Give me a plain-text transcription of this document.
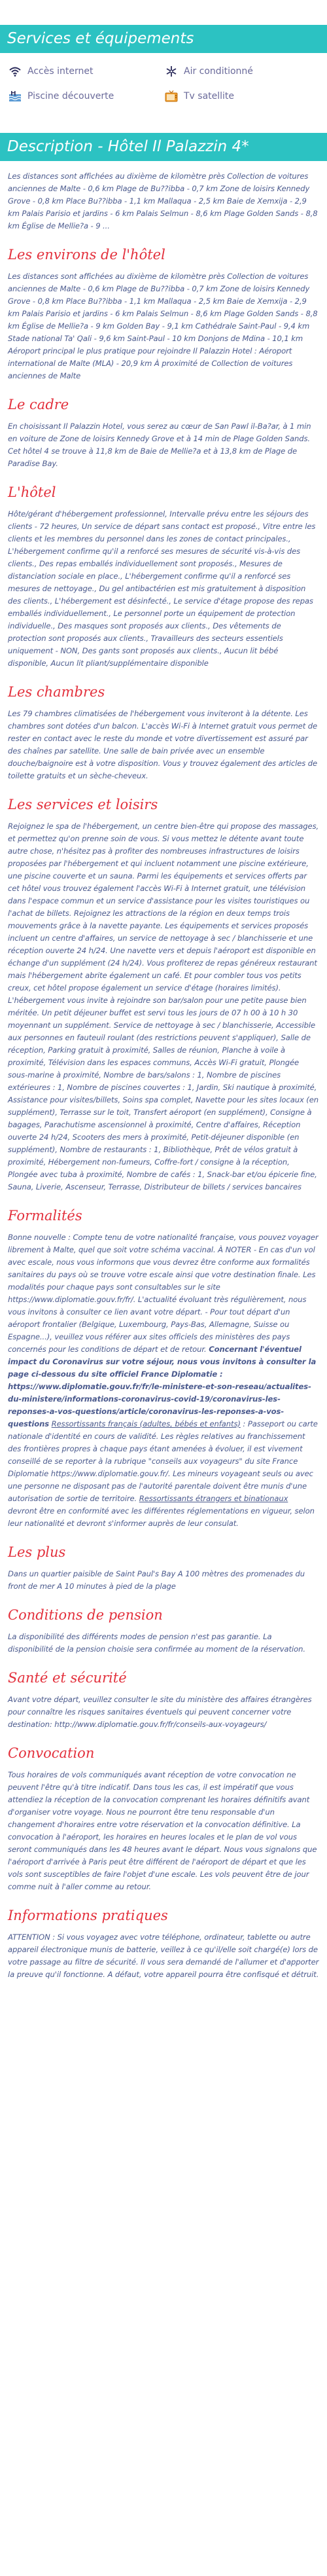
Services et équipements
Accès internet	Air conditionné
Piscine découverte	Tv satellite
Description - Hôtel Il Palazzin 4*

Les distances sont affichées au dixième de kilomètre près Collection de voitures anciennes de Malte - 0,6 km Plage de Bu??ibba - 0,7 km Zone de loisirs Kennedy Grove - 0,8 km Place Bu??ibba - 1,1 km Mallaqua - 2,5 km Baie de Xemxija - 2,9 km Palais Parisio et jardins - 6 km Palais Selmun - 8,6 km Plage Golden Sands - 8,8 km Église de Mellie?a - 9 ...

Les environs de l'hôtel

Les distances sont affichées au dixième de kilomètre près Collection de voitures anciennes de Malte - 0,6 km Plage de Bu??ibba - 0,7 km Zone de loisirs Kennedy Grove - 0,8 km Place Bu??ibba - 1,1 km Mallaqua - 2,5 km Baie de Xemxija - 2,9 km Palais Parisio et jardins - 6 km Palais Selmun - 8,6 km Plage Golden Sands - 8,8 km Église de Mellie?a - 9 km Golden Bay - 9,1 km Cathédrale Saint-Paul - 9,4 km Stade national Ta' Qali - 9,6 km Saint-Paul - 10 km Donjons de Mdina - 10,1 km Aéroport principal le plus pratique pour rejoindre Il Palazzin Hotel : Aéroport international de Malte (MLA) - 20,9 km À proximité de Collection de voitures anciennes de Malte

Le cadre

En choisissant Il Palazzin Hotel, vous serez au cœur de San Pawl il-Ba?ar, à 1 min en voiture de Zone de loisirs Kennedy Grove et à 14 min de Plage Golden Sands. Cet hôtel 4 se trouve à 11,8 km de Baie de Mellie?a et à 13,8 km de Plage de Paradise Bay.

L'hôtel

Hôte/gérant d'hébergement professionnel, Intervalle prévu entre les séjours des clients - 72 heures, Un service de départ sans contact est proposé., Vitre entre les clients et les membres du personnel dans les zones de contact principales., L'hébergement confirme qu'il a renforcé ses mesures de sécurité vis-à-vis des clients., Des repas emballés individuellement sont proposés., Mesures de distanciation sociale en place., L'hébergement confirme qu'il a renforcé ses mesures de nettoyage., Du gel antibactérien est mis gratuitement à disposition des clients., L'hébergement est désinfecté., Le service d'étage propose des repas emballés individuellement., Le personnel porte un équipement de protection individuelle., Des masques sont proposés aux clients., Des vêtements de protection sont proposés aux clients., Travailleurs des secteurs essentiels uniquement - NON, Des gants sont proposés aux clients., Aucun lit bébé disponible, Aucun lit pliant/supplémentaire disponible

Les chambres

Les 79 chambres climatisées de l'hébergement vous inviteront à la détente. Les chambres sont dotées d'un balcon. L'accès Wi-Fi à Internet gratuit vous permet de rester en contact avec le reste du monde et votre divertissement est assuré par des chaînes par satellite. Une salle de bain privée avec un ensemble douche/baignoire est à votre disposition. Vous y trouvez également des articles de toilette gratuits et un sèche-cheveux.

Les services et loisirs

Rejoignez le spa de l'hébergement, un centre bien-être qui propose des massages, et permettez qu'on prenne soin de vous. Si vous mettez le détente avant toute autre chose, n'hésitez pas à profiter des nombreuses infrastructures de loisirs proposées par l'hébergement et qui incluent notamment une piscine extérieure, une piscine couverte et un sauna. Parmi les équipements et services offerts par cet hôtel vous trouvez également l'accès Wi-Fi à Internet gratuit, une télévision dans l'espace commun et un service d'assistance pour les visites touristiques ou l'achat de billets. Rejoignez les attractions de la région en deux temps trois mouvements grâce à la navette payante. Les équipements et services proposés incluent un centre d'affaires, un service de nettoyage à sec / blanchisserie et une réception ouverte 24 h/24. Une navette vers et depuis l'aéroport est disponible en échange d'un supplément (24 h/24). Vous profiterez de repas généreux restaurant mais l'hébergement abrite également un café. Et pour combler tous vos petits creux, cet hôtel propose également un service d'étage (horaires limités). L'hébergement vous invite à rejoindre son bar/salon pour une petite pause bien méritée. Un petit déjeuner buffet est servi tous les jours de 07 h 00 à 10 h 30 moyennant un supplément. Service de nettoyage à sec / blanchisserie, Accessible aux personnes en fauteuil roulant (des restrictions peuvent s'appliquer), Salle de réception, Parking gratuit à proximité, Salles de réunion, Planche à voile à proximité, Télévision dans les espaces communs, Accès Wi-Fi gratuit, Plongée sous-marine à proximité, Nombre de bars/salons : 1, Nombre de piscines extérieures : 1, Nombre de piscines couvertes : 1, Jardin, Ski nautique à proximité, Assistance pour visites/billets, Soins spa complet, Navette pour les sites locaux (en supplément), Terrasse sur le toit, Transfert aéroport (en supplément), Consigne à bagages, Parachutisme ascensionnel à proximité, Centre d'affaires, Réception ouverte 24 h/24, Scooters des mers à proximité, Petit-déjeuner disponible (en supplément), Nombre de restaurants : 1, Bibliothèque, Prêt de vélos gratuit à proximité, Hébergement non-fumeurs, Coffre-fort / consigne à la réception, Plongée avec tuba à proximité, Nombre de cafés : 1, Snack-bar et/ou épicerie fine, Sauna, Liverie, Ascenseur, Terrasse, Distributeur de billets / services bancaires

Formalités

Bonne nouvelle : Compte tenu de votre nationalité française, vous pouvez voyager librement à Malte, quel que soit votre schéma vaccinal. À NOTER - En cas d'un vol avec escale, nous vous informons que vous devrez être conforme aux formalités sanitaires du pays où se trouve votre escale ainsi que votre destination finale. Les modalités pour chaque pays sont consultables sur le site https://www.diplomatie.gouv.fr/fr/. L'actualité évoluant très régulièrement, nous vous invitons à consulter ce lien avant votre départ. - Pour tout départ d'un aéroport frontalier (Belgique, Luxembourg, Pays-Bas, Allemagne, Suisse ou Espagne...), veuillez vous référer aux sites officiels des ministères des pays concernés pour les conditions de départ et de retour. Concernant l'éventuel impact du Coronavirus sur votre séjour, nous vous invitons à consulter la page ci-dessous du site officiel France Diplomatie : https://www.diplomatie.gouv.fr/fr/le-ministere-et-son-reseau/actualites-du-ministere/informations-coronavirus-covid-19/coronavirus-les-reponses-a-vos-questions/article/coronavirus-les-reponses-a-vos-questions Ressortissants français (adultes, bébés et enfants) : Passeport ou carte nationale d'identité en cours de validité. Les règles relatives au franchissement des frontières propres à chaque pays étant amenées à évoluer, il est vivement conseillé de se reporter à la rubrique "conseils aux voyageurs" du site France Diplomatie https://www.diplomatie.gouv.fr/. Les mineurs voyageant seuls ou avec une personne ne disposant pas de l'autorité parentale doivent être munis d'une autorisation de sortie de territoire. Ressortissants étrangers et binationaux devront être en conformité avec les différentes réglementations en vigueur, selon leur nationalité et devront s'informer auprès de leur consulat.

Les plus

Dans un quartier paisible de Saint Paul's Bay A 100 mètres des promenades du front de mer A 10 minutes à pied de la plage

Conditions de pension

La disponibilité des différents modes de pension n'est pas garantie. La disponibilité de la pension choisie sera confirmée au moment de la réservation.

Santé et sécurité

Avant votre départ, veuillez consulter le site du ministère des affaires étrangères pour connaître les risques sanitaires éventuels qui peuvent concerner votre destination: http://www.diplomatie.gouv.fr/fr/conseils-aux-voyageurs/

Convocation

Tous horaires de vols communiqués avant réception de votre convocation ne peuvent l'être qu'à titre indicatif. Dans tous les cas, il est impératif que vous attendiez la réception de la convocation comprenant les horaires définitifs avant d'organiser votre voyage. Nous ne pourront être tenu responsable d'un changement d'horaires entre votre réservation et la convocation définitive. La convocation à l'aéroport, les horaires en heures locales et le plan de vol vous seront communiqués dans les 48 heures avant le départ. Nous vous signalons que l'aéroport d'arrivée à Paris peut être différent de l'aéroport de départ et que les vols sont susceptibles de faire l'objet d'une escale. Les vols peuvent être de jour comme nuit à l'aller comme au retour.

Informations pratiques

ATTENTION : Si vous voyagez avec votre téléphone, ordinateur, tablette ou autre appareil électronique munis de batterie, veillez à ce qu'il/elle soit chargé(e) lors de votre passage au filtre de sécurité. Il vous sera demandé de l'allumer et d'apporter la preuve qu'il fonctionne. A défaut, votre appareil pourra être confisqué et détruit.
